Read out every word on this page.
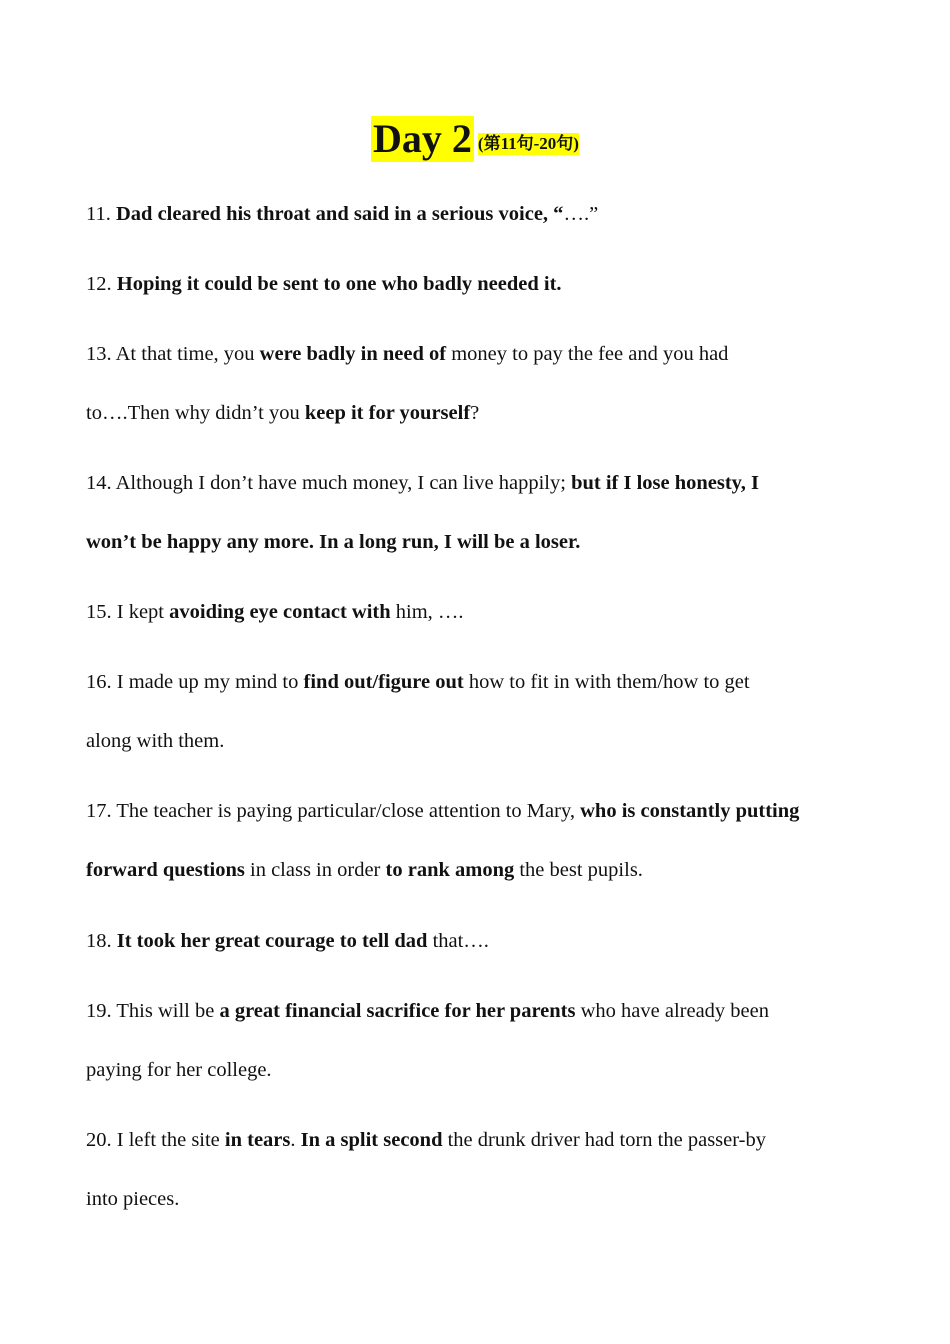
Day 2 (第11句-20句)
11. Dad cleared his throat and said in a serious voice, “….”
12. Hoping it could be sent to one who badly needed it.
13. At that time, you were badly in need of money to pay the fee and you had
to….Then why didn’t you keep it for yourself?
14. Although I don’t have much money, I can live happily; but if I lose honesty, I
won’t be happy any more. In a long run, I will be a loser.
15. I kept avoiding eye contact with him, ….
16. I made up my mind to find out/figure out how to fit in with them/how to get
along with them.
17. The teacher is paying particular/close attention to Mary, who is constantly putting
forward questions in class in order to rank among the best pupils.
18. It took her great courage to tell dad that….
19. This will be a great financial sacrifice for her parents who have already been
paying for her college.
20. I left the site in tears. In a split second the drunk driver had torn the passer-by
into pieces.
